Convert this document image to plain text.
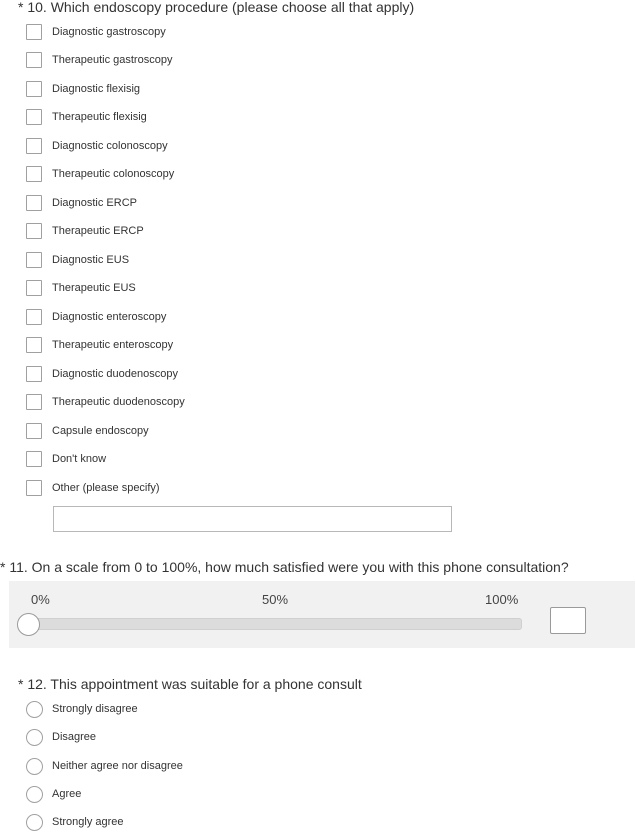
* 10. Which endoscopy procedure (please choose all that apply)
Diagnostic gastroscopy
Therapeutic gastroscopy
Diagnostic flexisig
Therapeutic flexisig
Diagnostic colonoscopy
Therapeutic colonoscopy
Diagnostic ERCP
Therapeutic ERCP
Diagnostic EUS
Therapeutic EUS
Diagnostic enteroscopy
Therapeutic enteroscopy
Diagnostic duodenoscopy
Therapeutic duodenoscopy
Capsule endoscopy
Don't know
Other (please specify)
* 11. On a scale from 0 to 100%, how much satisfied were you with this phone consultation?
0%	50%	100%
* 12. This appointment was suitable for a phone consult
Strongly disagree
Disagree
Neither agree nor disagree
Agree
Strongly agree
